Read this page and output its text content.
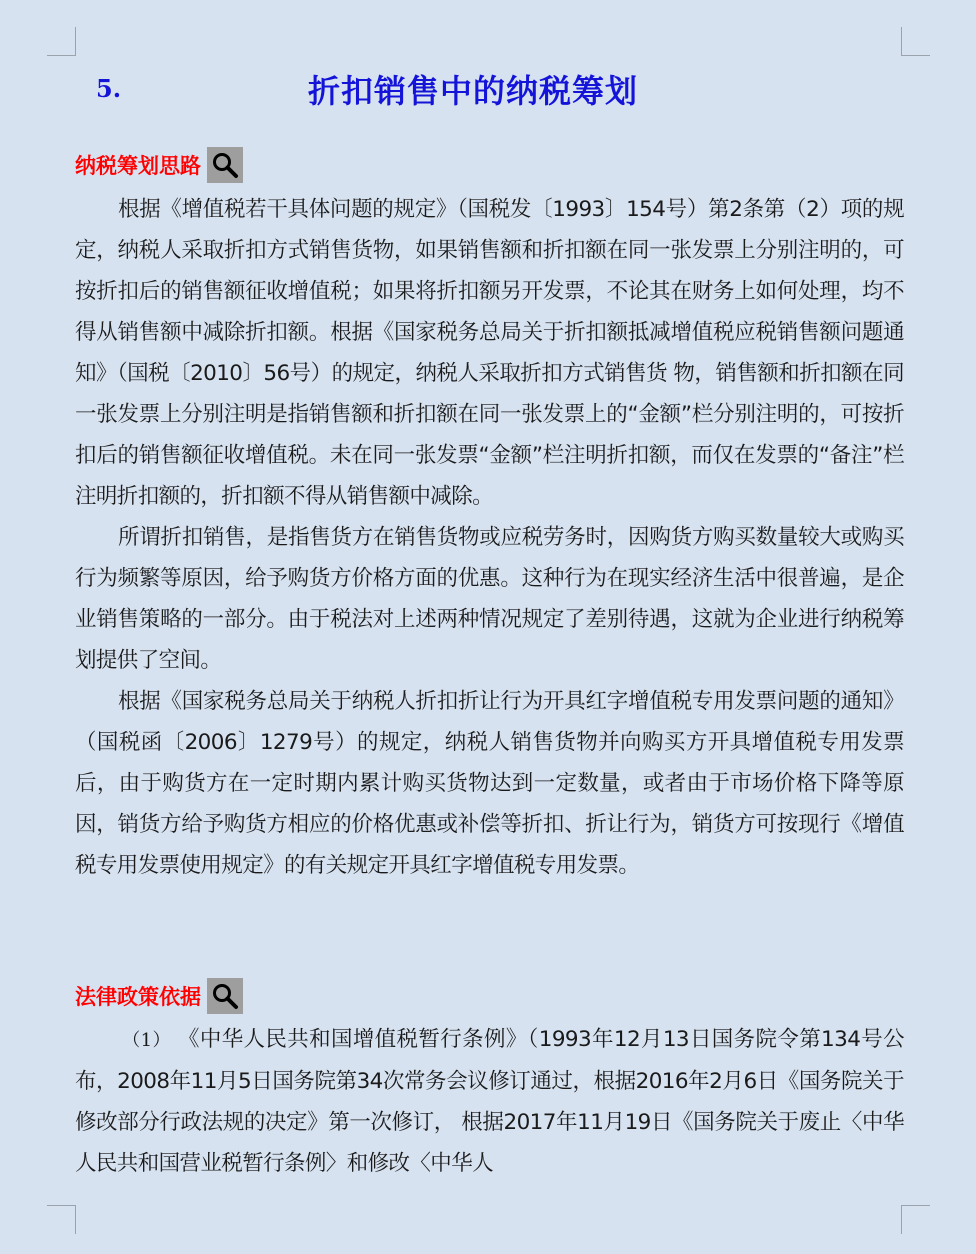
5.	折扣销售中的纳税筹划
纳税筹划思路

根据《增值税若干具体问题的规定》（国税发〔1993〕154号）第2条第（2）项的规定，纳税人采取折扣方式销售货物，如果销售额和折扣额在同一张发票上分别注明的，可按折扣后的销售额征收增值税；如果将折扣额另开发票，不论其在财务上如何处理，均不得从销售额中减除折扣额。根据《国家税务总局关于折扣额抵减增值税应税销售额问题通知》（国税〔2010〕56号）的规定，纳税人采取折扣方式销售货 物，销售额和折扣额在同一张发票上分别注明是指销售额和折扣额在同一张发票上的“金额”栏分别注明的，可按折扣后的销售额征收增值税。未在同一张发票“金额”栏注明折扣额，而仅在发票的“备注”栏注明折扣额的，折扣额不得从销售额中减除。

所谓折扣销售，是指售货方在销售货物或应税劳务时，因购货方购买数量较大或购买行为频繁等原因，给予购货方价格方面的优惠。这种行为在现实经济生活中很普遍，是企业销售策略的一部分。由于税法对上述两种情况规定了差别待遇，这就为企业进行纳税筹划提供了空间。

根据《国家税务总局关于纳税人折扣折让行为开具红字增值税专用发票问题的通知》（国税函〔2006〕1279号）的规定，纳税人销售货物并向购买方开具增值税专用发票后，由于购货方在一定时期内累计购买货物达到一定数量，或者由于市场价格下降等原因，销货方给予购货方相应的价格优惠或补偿等折扣、折让行为，销货方可按现行《增值税专用发票使用规定》的有关规定开具红字增值税专用发票。

法律政策依据

（1） 《中华人民共和国增值税暂行条例》（1993年12月13日国务院令第134号公布，2008年11月5日国务院第34次常务会议修订通过，根据2016年2月6日《国务院关于修改部分行政法规的决定》第一次修订， 根据2017年11月19日《国务院关于废止〈中华人民共和国营业税暂行条例〉和修改〈中华人
